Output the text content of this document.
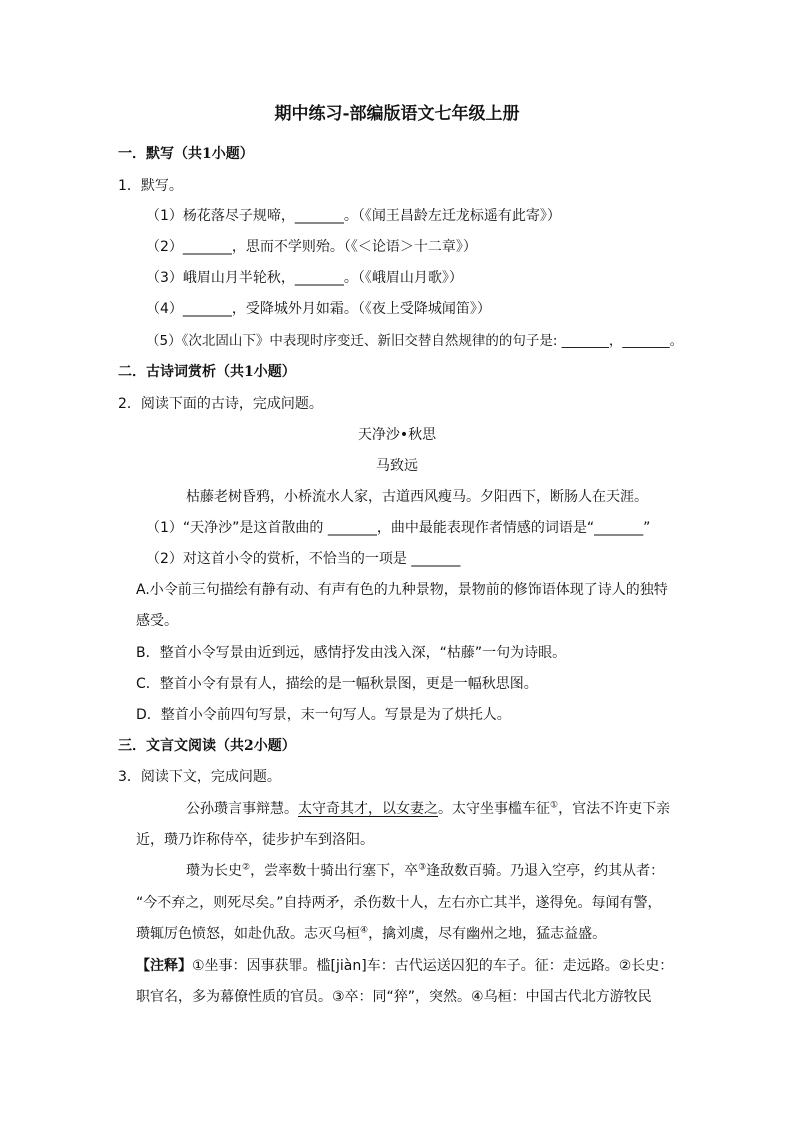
期中练习-部编版语文七年级上册
一．默写（共1小题）
1．默写。
（1）杨花落尽子规啼，_______。（《闻王昌龄左迁龙标遥有此寄》）
（2）_______，思而不学则殆。（《＜论语＞十二章》）
（3）峨眉山月半轮秋，_______。（《峨眉山月歌》）
（4）_______，受降城外月如霜。（《夜上受降城闻笛》）
（5）《次北固山下》中表现时序变迁、新旧交替自然规律的的句子是: _______，_______。
二．古诗词赏析（共1小题）
2．阅读下面的古诗，完成问题。
天净沙•秋思
马致远
枯藤老树昏鸦，小桥流水人家，古道西风瘦马。夕阳西下，断肠人在天涯。
（1）“天净沙”是这首散曲的 _______，曲中最能表现作者情感的词语是“_______”
（2）对这首小令的赏析，不恰当的一项是 _______
A.小令前三句描绘有静有动、有声有色的九种景物，景物前的修饰语体现了诗人的独特
感受。
B．整首小令写景由近到远，感情抒发由浅入深，“枯藤”一句为诗眼。
C．整首小令有景有人，描绘的是一幅秋景图，更是一幅秋思图。
D．整首小令前四句写景，末一句写人。写景是为了烘托人。
三．文言文阅读（共2小题）
3．阅读下文，完成问题。
公孙瓒言事辩慧。太守奇其才，以女妻之。太守坐事槛车征①，官法不许吏下亲
近，瓒乃诈称侍卒，徒步护车到洛阳。
瓒为长史②，尝率数十骑出行塞下，卒③逢敌数百骑。乃退入空亭，约其从者：
“今不弃之，则死尽矣。”自持两矛，杀伤数十人，左右亦亡其半，遂得免。每闻有警，
瓒辄厉色愤怒，如赴仇敌。志灭乌桓④，擒刘虞，尽有幽州之地，猛志益盛。
【注释】①坐事：因事获罪。槛[jiàn]车：古代运送囚犯的车子。征：走远路。②长史：
职官名，多为幕僚性质的官员。③卒：同“猝”，突然。④乌桓：中国古代北方游牧民
